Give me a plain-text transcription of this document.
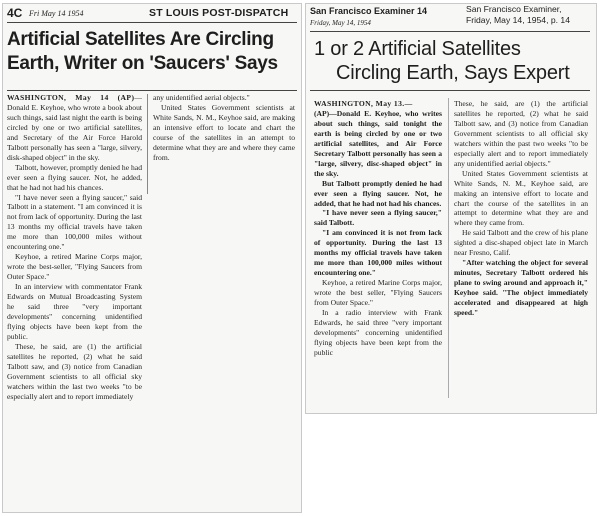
4C Fri May 14 1954	ST LOUIS POST-DISPATCH
Artificial Satellites Are Circling
Earth, Writer on 'Saucers' Says

WASHINGTON, May 14 (AP)—Donald E. Keyhoe, who wrote a book about such things, said last night the earth is being circled by one or two artificial satellites, and Secretary of the Air Force Harold Talbott personally has seen a "large, silvery, disk-shaped object" in the sky.

Talbott, however, promptly denied he had ever seen a flying saucer. Not, he added, that he had not had his chances.

"I have never seen a flying saucer," said Talbott in a statement. "I am convinced it is not from lack of opportunity. During the last 13 months my official travels have taken me more than 100,000 miles without encountering one."

Keyhoe, a retired Marine Corps major, wrote the best-seller, "Flying Saucers from Outer Space."

In an interview with commentator Frank Edwards on Mutual Broadcasting System he said three "very important developments" concerning unidentified flying objects have been kept from the public.

These, he said, are (1) the artificial satellites he reported, (2) what he said Talbott saw, and (3) notice from Canadian Government scientists to all official sky watchers within the last two weeks "to be especially alert and to report immediately

any unidentified aerial objects."

United States Government scientists at White Sands, N. M., Keyhoe said, are making an intensive effort to locate and chart the course of the satellites in an attempt to determine what they are and where they came from.

San Francisco Examiner 14
Friday, May 14, 1954
1 or 2 Artificial Satellites
Circling Earth, Says Expert

WASHINGTON, May 13.—

(AP)—Donald E. Keyhoe, who writes about such things, said tonight the earth is being circled by one or two artificial satellites, and Air Force Secretary Talbott personally has seen a "large, silvery, disc-shaped object" in the sky.

But Talbott promptly denied he had ever seen a flying saucer. Not, he added, that he had not had his chances.

"I have never seen a flying saucer," said Talbott.

"I am convinced it is not from lack of opportunity. During the last 13 months my official travels have taken me more than 100,000 miles without encountering one."

Keyhoe, a retired Marine Corps major, wrote the best seller, "Flying Saucers from Outer Space."

In a radio interview with Frank Edwards, he said three "very important developments" concerning unidentified flying objects have been kept from the public

These, he said, are (1) the artificial satellites he reported, (2) what he said Talbott saw, and (3) notice from Canadian Government scientists to all official sky watchers within the past two weeks "to be especially alert and to report immediately any unidentified aerial objects."

United States Government scientists at White Sands, N. M., Keyhoe said, are making an intensive effort to locate and chart the course of the satellites in an attempt to determine what they are and where they came from.

He said Talbott and the crew of his plane sighted a disc-shaped object late in March near Fresno, Calif.

"After watching the object for several minutes, Secretary Talbott ordered his plane to swing around and approach it," Keyhoe said. "The object immediately accelerated and disappeared at high speed."

San Francisco Examiner,
Friday, May 14, 1954, p. 14
